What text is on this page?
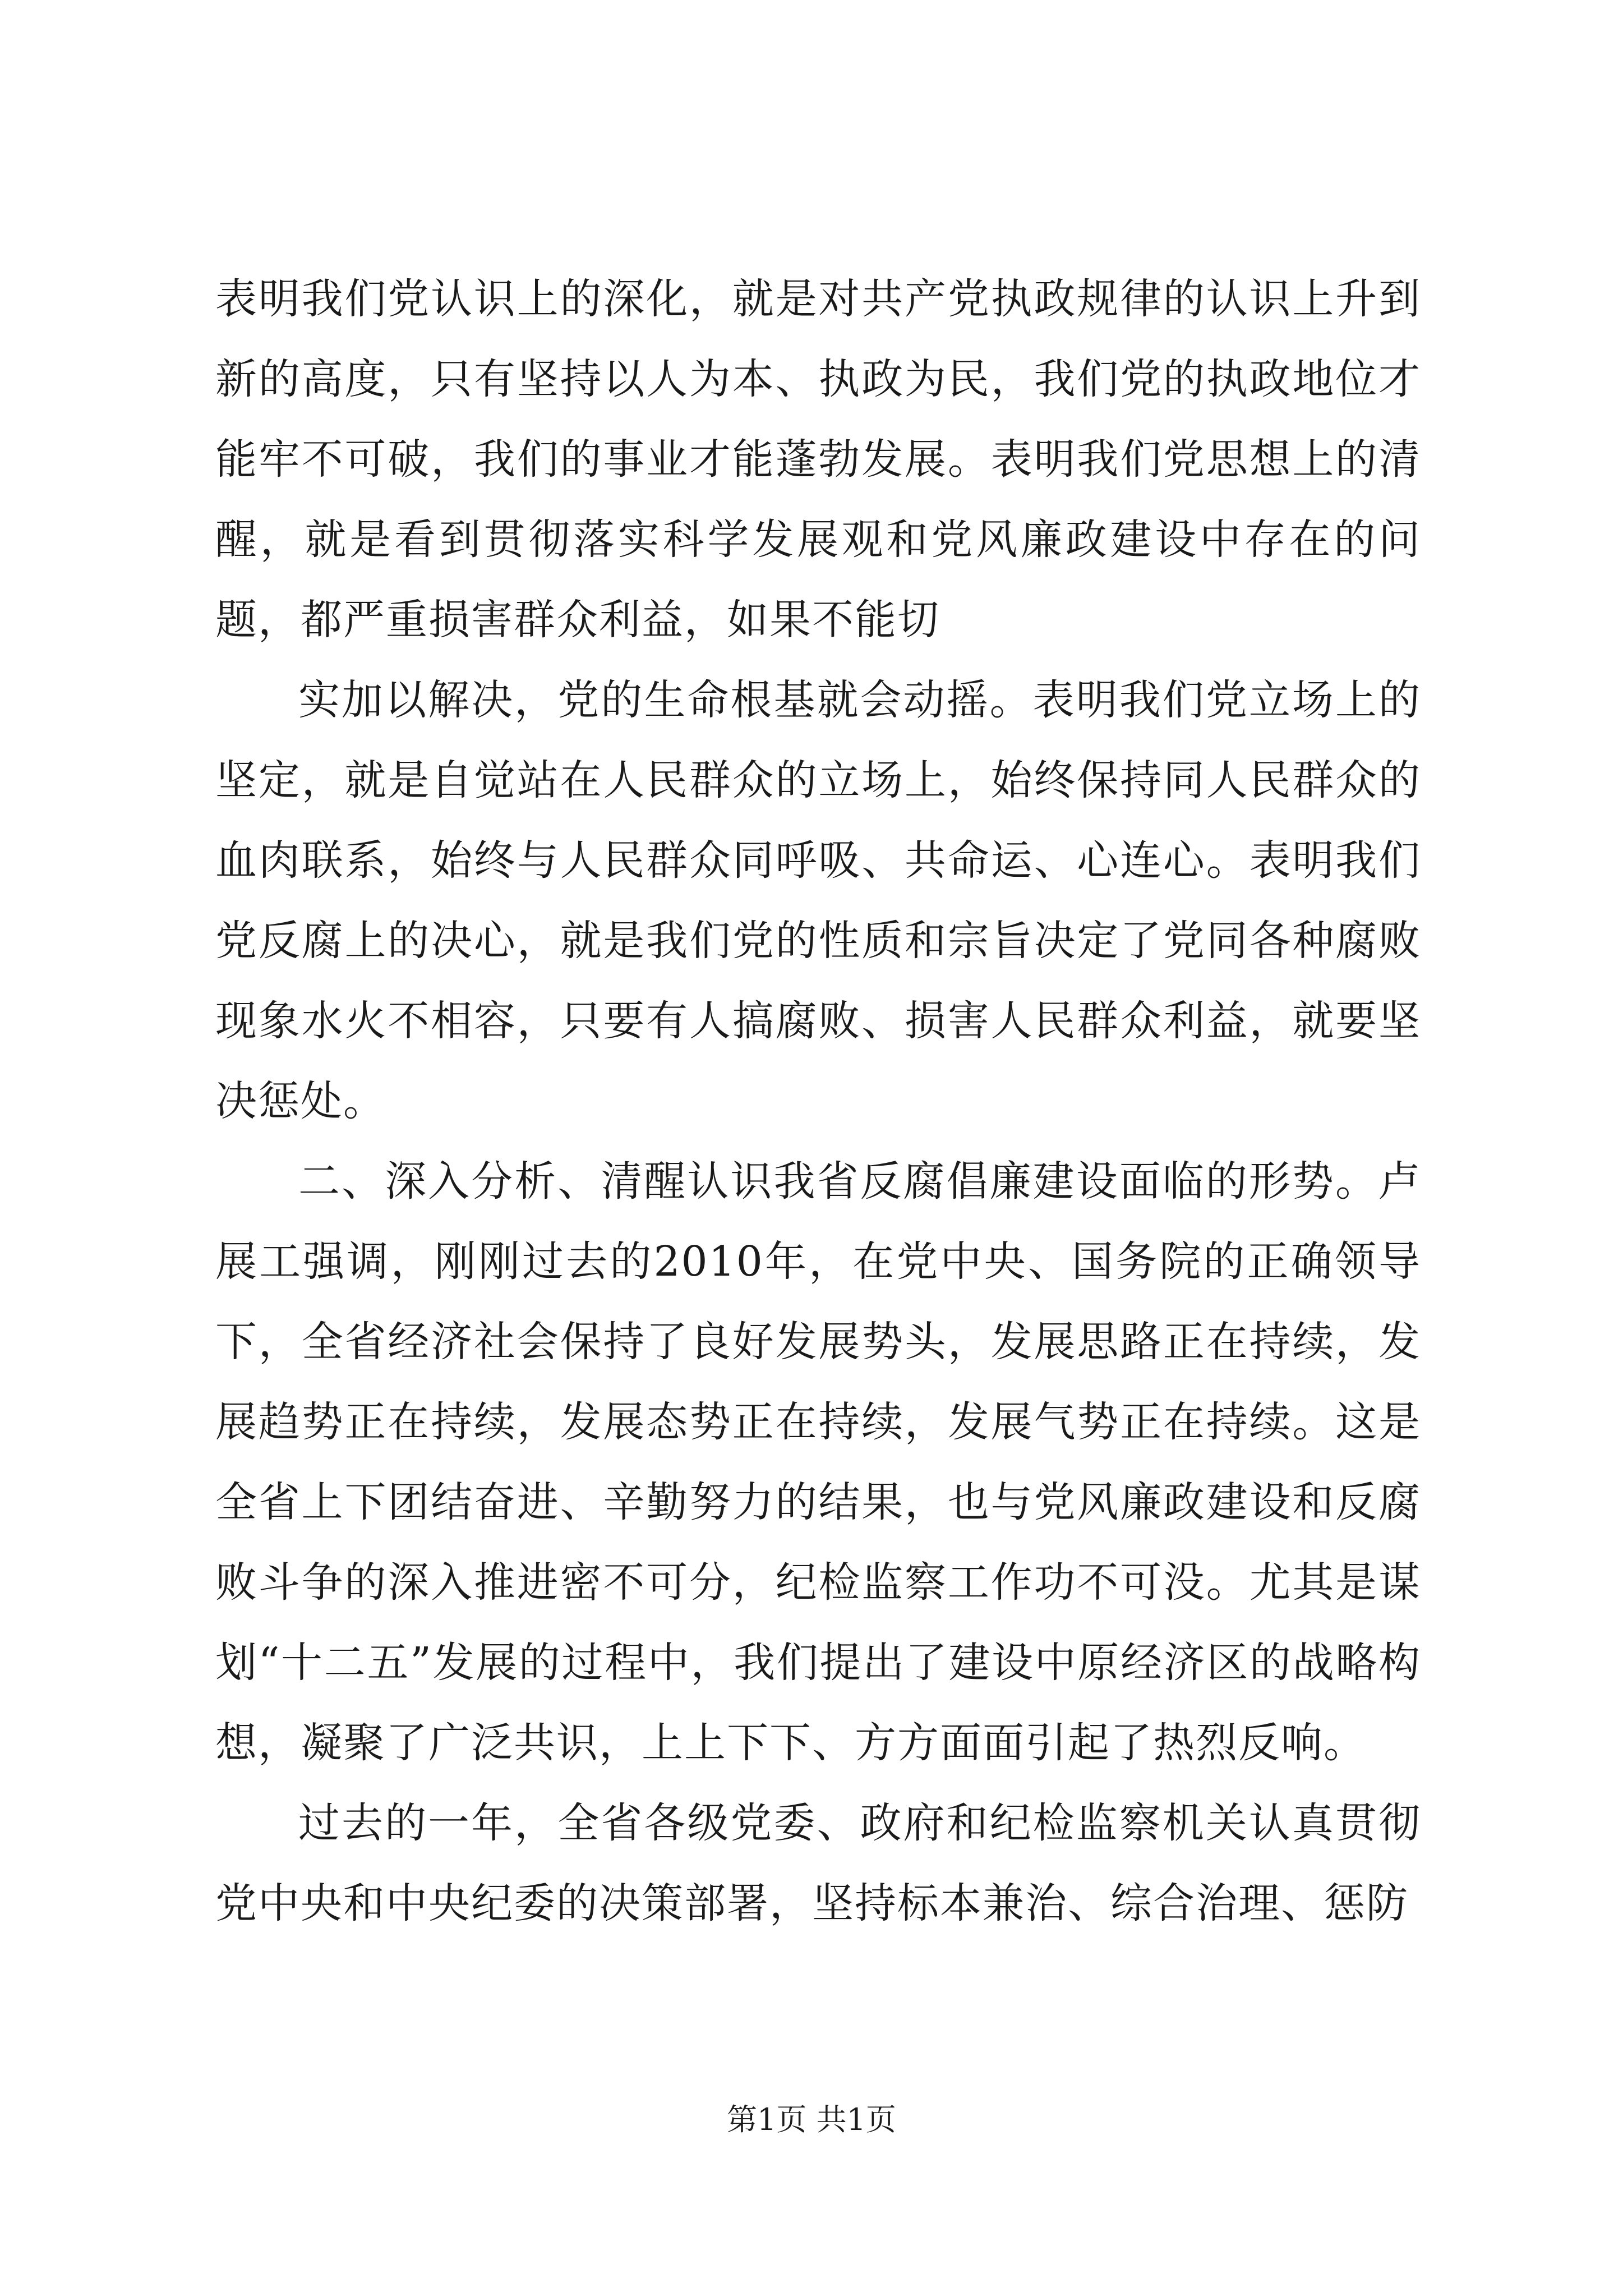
表明我们党认识上的深化，就是对共产党执政规律的认识上升到新的高度，只有坚持以人为本、执政为民，我们党的执政地位才能牢不可破，我们的事业才能蓬勃发展。表明我们党思想上的清醒，就是看到贯彻落实科学发展观和党风廉政建设中存在的问题，都严重损害群众利益，如果不能切

实加以解决，党的生命根基就会动摇。表明我们党立场上的坚定，就是自觉站在人民群众的立场上，始终保持同人民群众的血肉联系，始终与人民群众同呼吸、共命运、心连心。表明我们党反腐上的决心，就是我们党的性质和宗旨决定了党同各种腐败现象水火不相容，只要有人搞腐败、损害人民群众利益，就要坚决惩处。

二、深入分析、清醒认识我省反腐倡廉建设面临的形势。卢展工强调，刚刚过去的2010年，在党中央、国务院的正确领导下，全省经济社会保持了良好发展势头，发展思路正在持续，发展趋势正在持续，发展态势正在持续，发展气势正在持续。这是全省上下团结奋进、辛勤努力的结果，也与党风廉政建设和反腐败斗争的深入推进密不可分，纪检监察工作功不可没。尤其是谋划“十二五”发展的过程中，我们提出了建设中原经济区的战略构想，凝聚了广泛共识，上上下下、方方面面引起了热烈反响。

过去的一年，全省各级党委、政府和纪检监察机关认真贯彻党中央和中央纪委的决策部署，坚持标本兼治、综合治理、惩防

第1页 共1页
